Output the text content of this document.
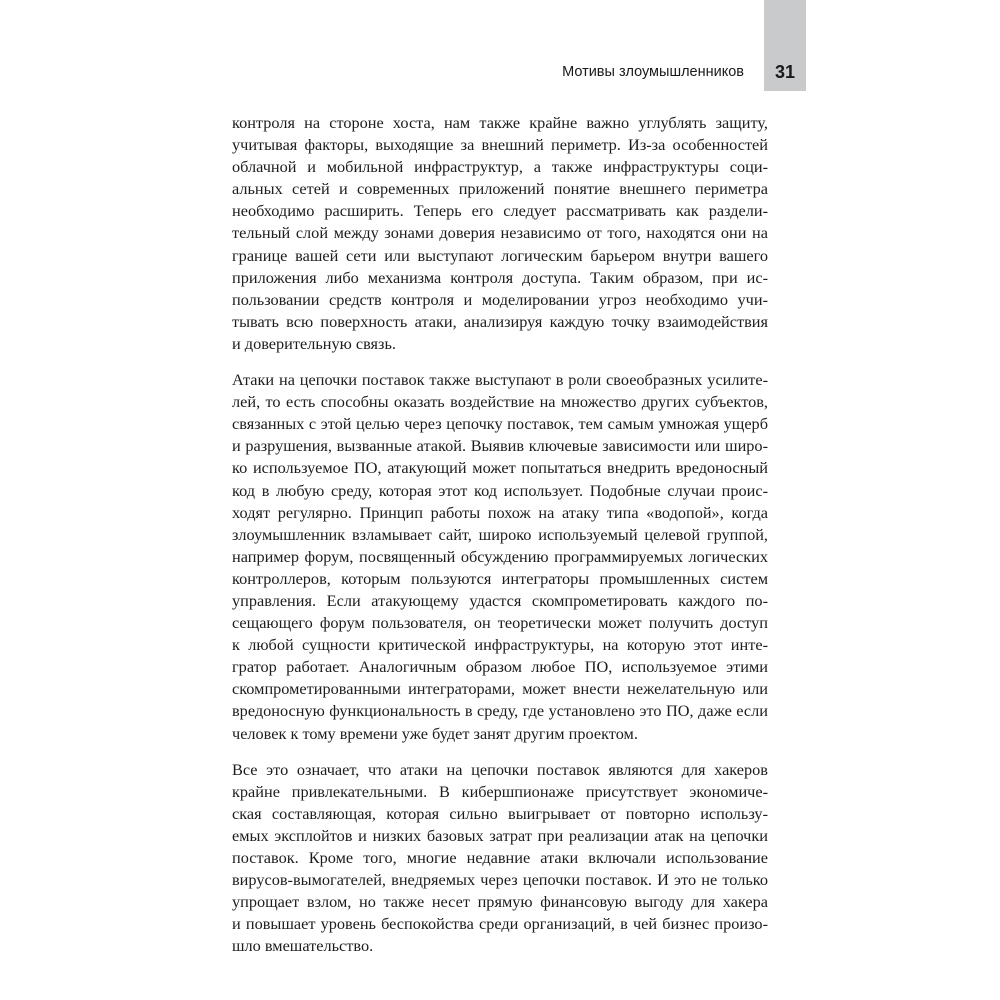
31
Мотивы злоумышленников
контроля на стороне хоста, нам также крайне важно углублять защиту,
учитывая факторы, выходящие за внешний периметр. Из-за особенностей
облачной и мобильной инфраструктур, а также инфраструктуры соци-
альных сетей и современных приложений понятие внешнего периметра
необходимо расширить. Теперь его следует рассматривать как раздели-
тельный слой между зонами доверия независимо от того, находятся они на
границе вашей сети или выступают логическим барьером внутри вашего
приложения либо механизма контроля доступа. Таким образом, при ис-
пользовании средств контроля и моделировании угроз необходимо учи-
тывать всю поверхность атаки, анализируя каждую точку взаимодействия
и доверительную связь.
Атаки на цепочки поставок также выступают в роли своеобразных усилите-
лей, то есть способны оказать воздействие на множество других субъектов,
связанных с этой целью через цепочку поставок, тем самым умножая ущерб
и разрушения, вызванные атакой. Выявив ключевые зависимости или широ-
ко используемое ПО, атакующий может попытаться внедрить вредоносный
код в любую среду, которая этот код использует. Подобные случаи проис-
ходят регулярно. Принцип работы похож на атаку типа «водопой», когда
злоумышленник взламывает сайт, широко используемый целевой группой,
например форум, посвященный обсуждению программируемых логических
контроллеров, которым пользуются интеграторы промышленных систем
управления. Если атакующему удастся скомпрометировать каждого по-
сещающего форум пользователя, он теоретически может получить доступ
к любой сущности критической инфраструктуры, на которую этот инте-
гратор работает. Аналогичным образом любое ПО, используемое этими
скомпрометированными интеграторами, может внести нежелательную или
вредоносную функциональность в среду, где установлено это ПО, даже если
человек к тому времени уже будет занят другим проектом.
Все это означает, что атаки на цепочки поставок являются для хакеров
крайне привлекательными. В кибершпионаже присутствует экономиче-
ская составляющая, которая сильно выигрывает от повторно использу-
емых эксплойтов и низких базовых затрат при реализации атак на цепочки
поставок. Кроме того, многие недавние атаки включали использование
вирусов-вымогателей, внедряемых через цепочки поставок. И это не только
упрощает взлом, но также несет прямую финансовую выгоду для хакера
и повышает уровень беспокойства среди организаций, в чей бизнес произо-
шло вмешательство.
